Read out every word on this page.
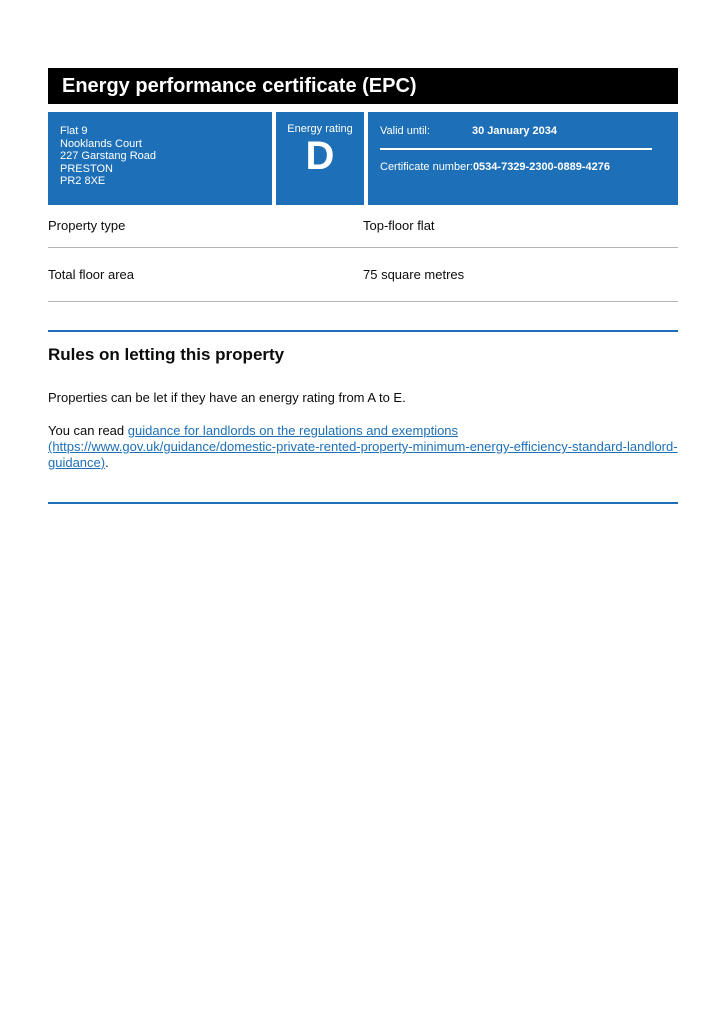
Energy performance certificate (EPC)
Flat 9
Nooklands Court
227 Garstang Road
PRESTON
PR2 8XE
Energy rating
D
Valid until:	30 January 2034
Certificate number:0534-7329-2300-0889-4276
Property type	Top-floor flat
Total floor area	75 square metres
Rules on letting this property

Properties can be let if they have an energy rating from A to E.

You can read guidance for landlords on the regulations and exemptions (https://www.gov.uk/guidance/domestic-private-rented-property-minimum-energy-efficiency-standard-landlord-guidance).
